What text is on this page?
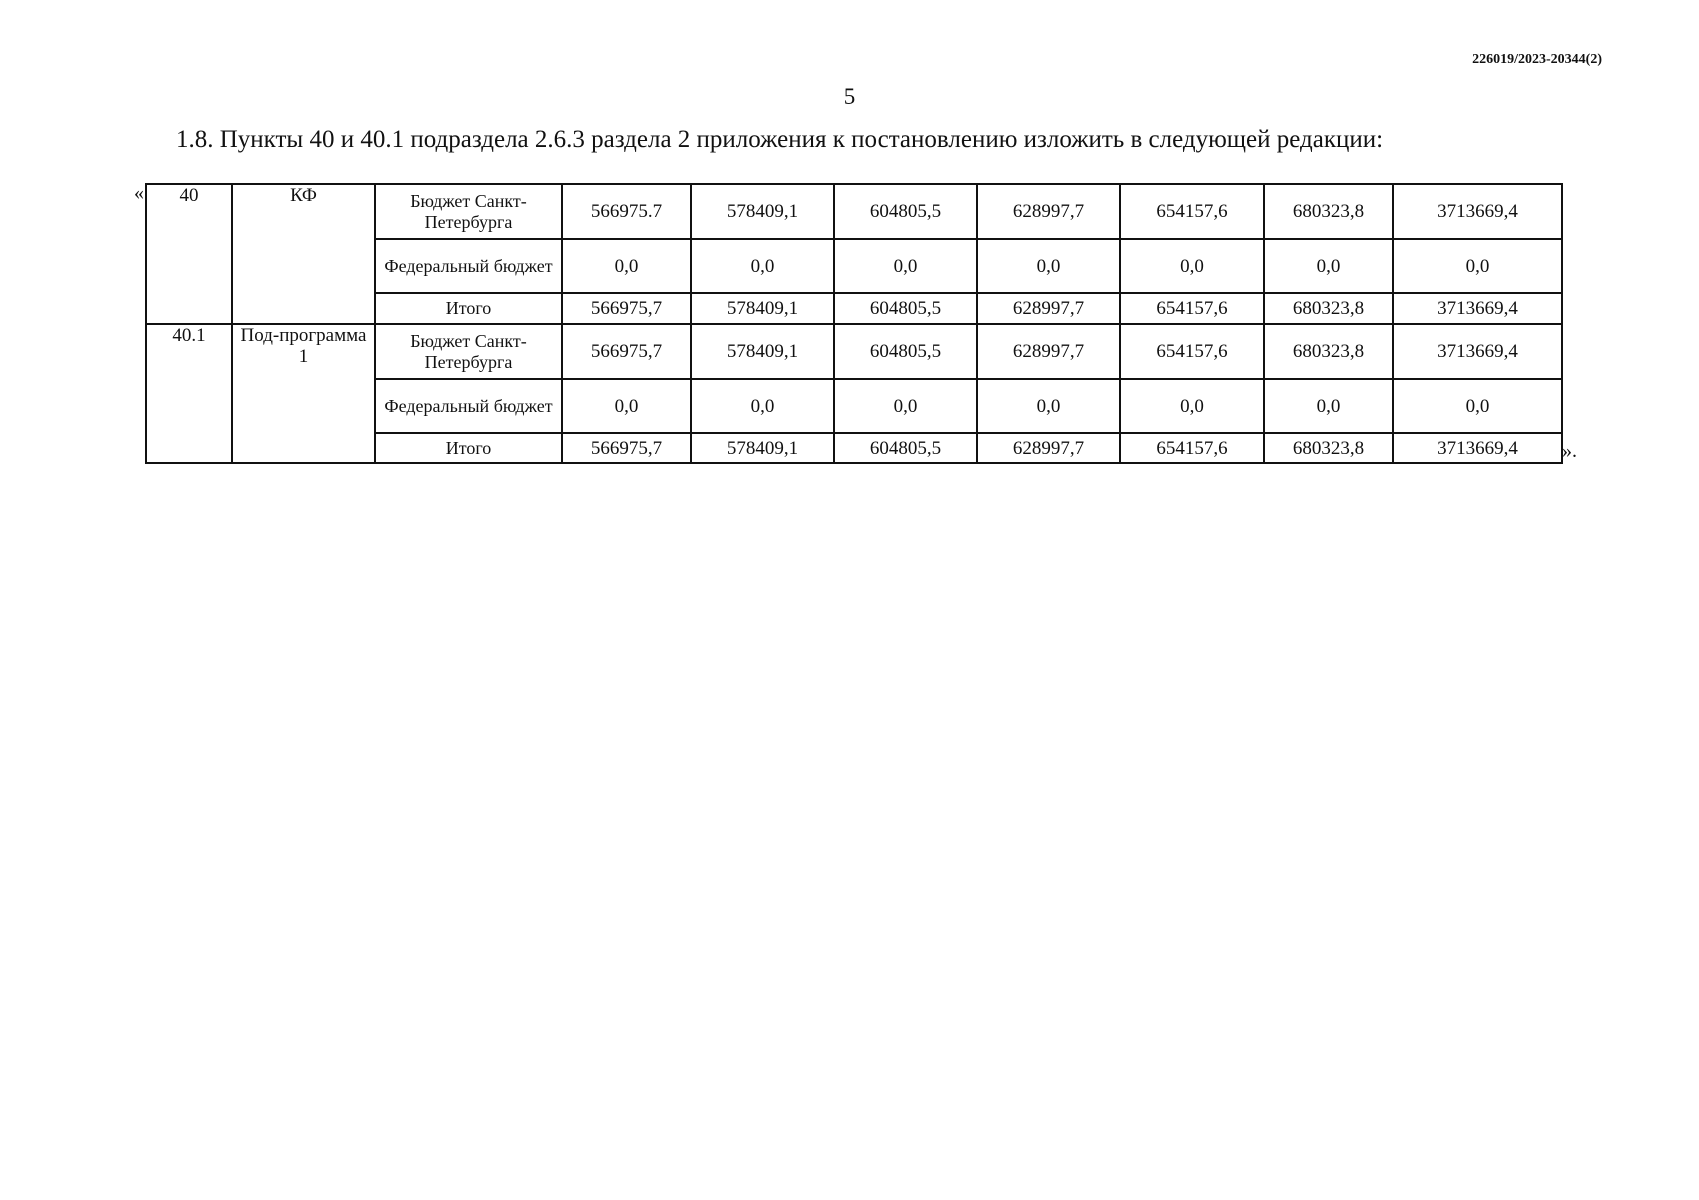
226019/2023-20344(2)
5
1.8. Пункты 40 и 40.1 подраздела 2.6.3 раздела 2 приложения к постановлению изложить в следующей редакции:
« 40	КФ	Бюджет Санкт-Петербурга	566975.7	578409,1	604805,5	628997,7	654157,6	680323,8	3713669,4
		Федеральный бюджет	0,0	0,0	0,0	0,0	0,0	0,0	0,0
		Итого	566975,7	578409,1	604805,5	628997,7	654157,6	680323,8	3713669,4
40.1	Под-программа 1	Бюджет Санкт-Петербурга	566975,7	578409,1	604805,5	628997,7	654157,6	680323,8	3713669,4
		Федеральный бюджет	0,0	0,0	0,0	0,0	0,0	0,0	0,0
		Итого	566975,7	578409,1	604805,5	628997,7	654157,6	680323,8	3713669,4 ».
